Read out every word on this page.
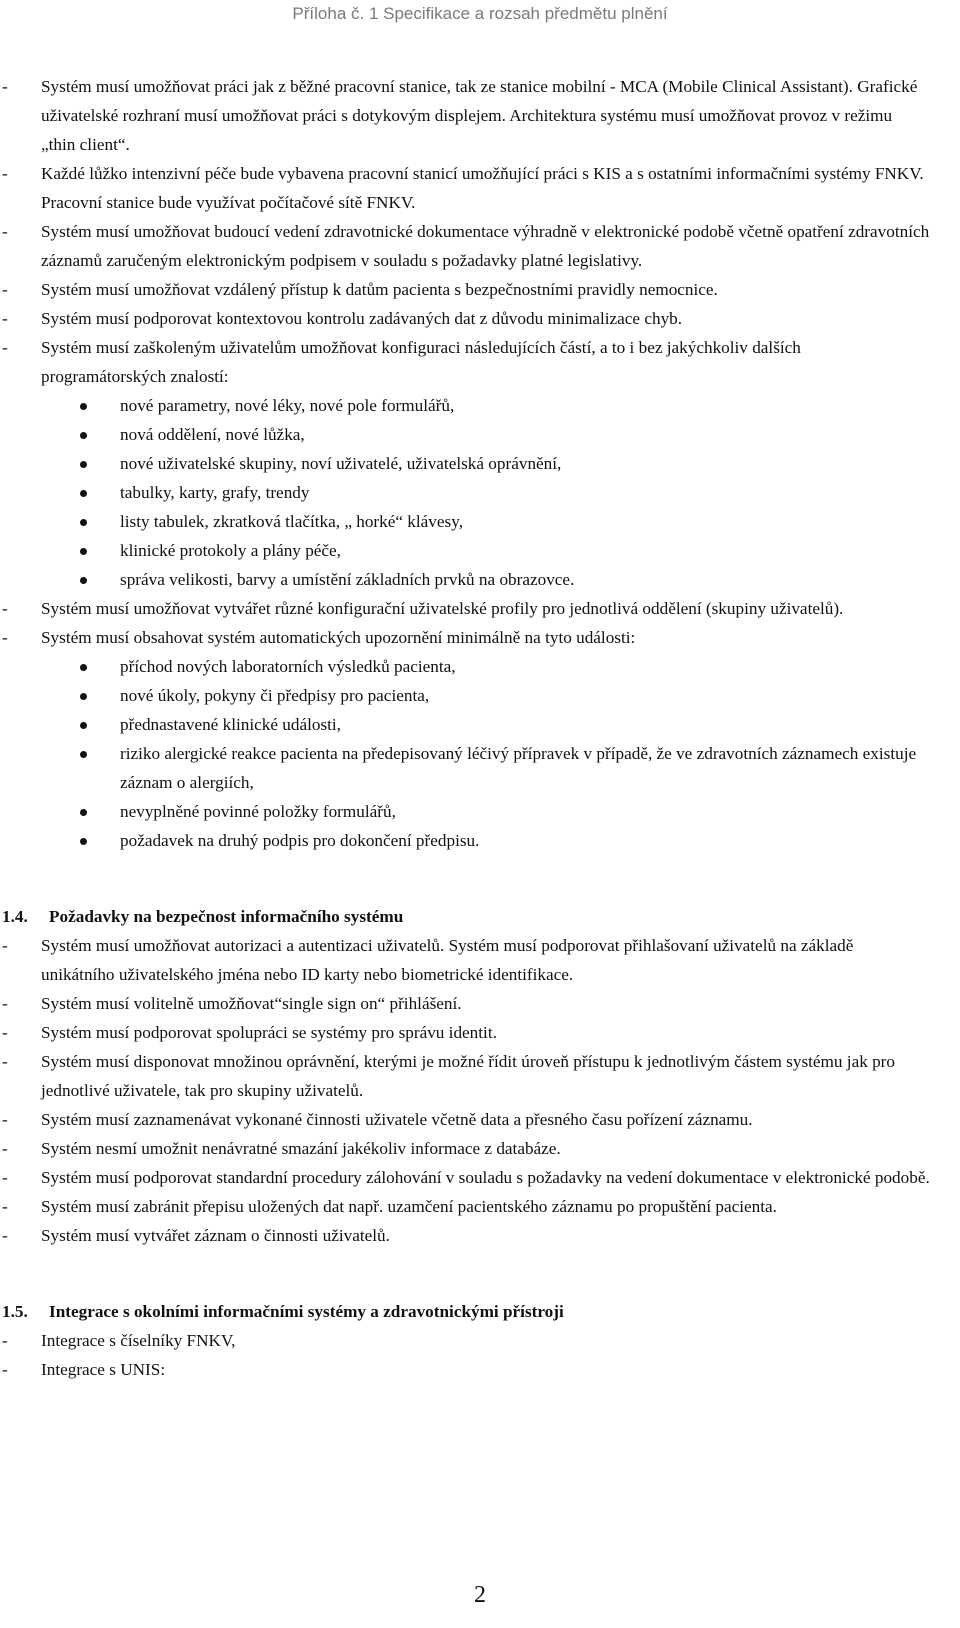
Příloha č. 1 Specifikace a rozsah předmětu plnění
- Systém musí umožňovat práci jak z běžné pracovní stanice, tak ze stanice mobilní - MCA (Mobile Clinical Assistant). Grafické uživatelské rozhraní musí umožňovat práci s dotykovým displejem. Architektura systému musí umožňovat provoz v režimu „thin client“.
- Každé lůžko intenzivní péče bude vybavena pracovní stanicí umožňující práci s KIS a s ostatními informačními systémy FNKV. Pracovní stanice bude využívat počítačové sítě FNKV.
- Systém musí umožňovat budoucí vedení zdravotnické dokumentace výhradně v elektronické podobě včetně opatření zdravotních záznamů zaručeným elektronickým podpisem v souladu s požadavky platné legislativy.
- Systém musí umožňovat vzdálený přístup k datům pacienta s bezpečnostními pravidly nemocnice.
- Systém musí podporovat kontextovou kontrolu zadávaných dat z důvodu minimalizace chyb.
- Systém musí zaškoleným uživatelům umožňovat konfiguraci následujících částí, a to i bez jakýchkoliv dalších programátorských znalostí:
nové parametry, nové léky, nové pole formulářů,
nová oddělení, nové lůžka,
nové uživatelské skupiny, noví uživatelé, uživatelská oprávnění,
tabulky, karty, grafy, trendy
listy tabulek, zkratková tlačítka, „ horké“ klávesy,
klinické protokoly a plány péče,
správa velikosti, barvy a umístění základních prvků na obrazovce.
- Systém musí umožňovat vytvářet různé konfigurační uživatelské profily pro jednotlivá oddělení (skupiny uživatelů).
- Systém musí obsahovat systém automatických upozornění minimálně na tyto události:
příchod nových laboratorních výsledků pacienta,
nové úkoly, pokyny či předpisy pro pacienta,
přednastavené klinické události,
riziko alergické reakce pacienta na předepisovaný léčivý přípravek v případě, že ve zdravotních záznamech existuje záznam o alergiích,
nevyplněné povinné položky formulářů,
požadavek na druhý podpis pro dokončení předpisu.
1.4. Požadavky na bezpečnost informačního systému
- Systém musí umožňovat autorizaci a autentizaci uživatelů. Systém musí podporovat přihlašovaní uživatelů na základě unikátního uživatelského jména nebo ID karty nebo biometrické identifikace.
- Systém musí volitelně umožňovat“single sign on“ přihlášení.
- Systém musí podporovat spolupráci se systémy pro správu identit.
- Systém musí disponovat množinou oprávnění, kterými je možné řídit úroveň přístupu k jednotlivým částem systému jak pro jednotlivé uživatele, tak pro skupiny uživatelů.
- Systém musí zaznamenávat vykonané činnosti uživatele včetně data a přesného času pořízení záznamu.
- Systém nesmí umožnit nenávratné smazání jakékoliv informace z databáze.
- Systém musí podporovat standardní procedury zálohování v souladu s požadavky na vedení dokumentace v elektronické podobě.
- Systém musí zabránit přepisu uložených dat např. uzamčení pacientského záznamu po propuštění pacienta.
- Systém musí vytvářet záznam o činnosti uživatelů.
1.5. Integrace s okolními informačními systémy a zdravotnickými přístroji
- Integrace s číselníky FNKV,
- Integrace s UNIS:
2
